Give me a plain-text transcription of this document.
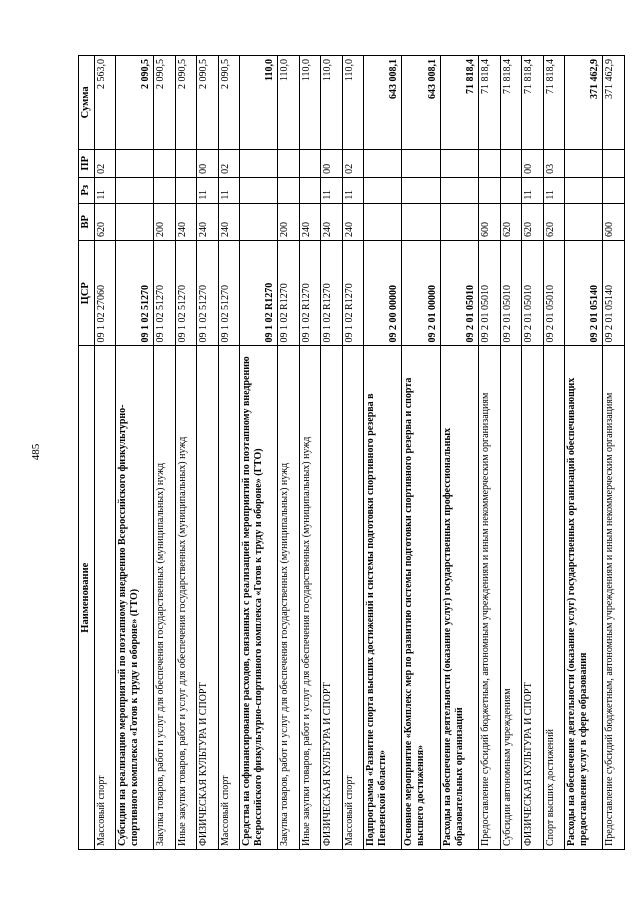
485
Наименование	ЦСР	ВР	Рз	ПР	Сумма
Массовый спорт	09 1 02 27060	620	11	02	2 563,0
Субсидии на реализацию мероприятий по поэтапному внедрению Всероссийского физкультурно-спортивного комплекса «Готов к труду и обороне» (ГТО)	09 1 02 51270				2 090,5
Закупка товаров, работ и услуг для обеспечения государственных (муниципальных) нужд	09 1 02 51270	200			2 090,5
Иные закупки товаров, работ и услуг для обеспечения государственных (муниципальных) нужд	09 1 02 51270	240			2 090,5
ФИЗИЧЕСКАЯ КУЛЬТУРА И СПОРТ	09 1 02 51270	240	11	00	2 090,5
Массовый спорт	09 1 02 51270	240	11	02	2 090,5
Средства на софинансирование расходов, связанных с реализацией мероприятий по поэтапному внедрению Всероссийского физкультурно-спортивного комплекса «Готов к труду и обороне» (ГТО)	09 1 02 R1270				110,0
Закупка товаров, работ и услуг для обеспечения государственных (муниципальных) нужд	09 1 02 R1270	200			110,0
Иные закупки товаров, работ и услуг для обеспечения государственных (муниципальных) нужд	09 1 02 R1270	240			110,0
ФИЗИЧЕСКАЯ КУЛЬТУРА И СПОРТ	09 1 02 R1270	240	11	00	110,0
Массовый спорт	09 1 02 R1270	240	11	02	110,0
Подпрограмма «Развитие спорта высших достижений и системы подготовки спортивного резерва в Пензенской области»	09 2 00 00000				643 008,1
Основное мероприятие «Комплекс мер по развитию системы подготовки спортивного резерва и спорта высшего достижения»	09 2 01 00000				643 008,1
Расходы на обеспечение деятельности (оказание услуг) государственных профессиональных образовательных организаций	09 2 01 05010				71 818,4
Предоставление субсидий бюджетным, автономным учреждениям и иным некоммерческим организациям	09 2 01 05010	600			71 818,4
Субсидии автономным учреждениям	09 2 01 05010	620			71 818,4
ФИЗИЧЕСКАЯ КУЛЬТУРА И СПОРТ	09 2 01 05010	620	11	00	71 818,4
Спорт высших достижений	09 2 01 05010	620	11	03	71 818,4
Расходы на обеспечение деятельности (оказание услуг) государственных организаций обеспечивающих предоставление услуг в сфере образования	09 2 01 05140				371 462,9
Предоставление субсидий бюджетным, автономным учреждениям и иным некоммерческим организациям	09 2 01 05140	600			371 462,9
